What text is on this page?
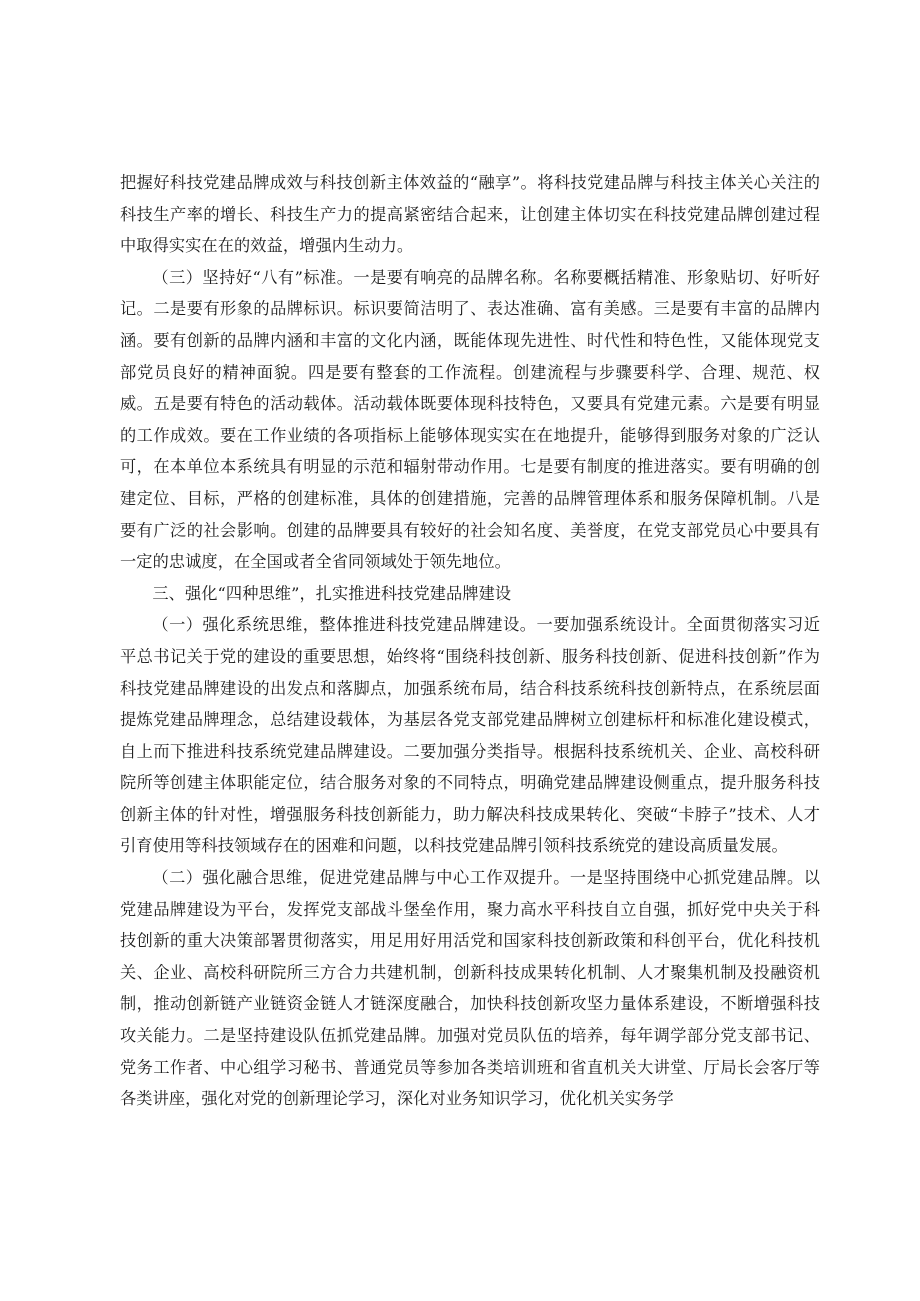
把握好科技党建品牌成效与科技创新主体效益的“融享”。将科技党建品牌与科技主体关心关注的科技生产率的增长、科技生产力的提高紧密结合起来，让创建主体切实在科技党建品牌创建过程中取得实实在在的效益，增强内生动力。

（三）坚持好“八有”标准。一是要有响亮的品牌名称。名称要概括精准、形象贴切、好听好记。二是要有形象的品牌标识。标识要简洁明了、表达准确、富有美感。三是要有丰富的品牌内涵。要有创新的品牌内涵和丰富的文化内涵，既能体现先进性、时代性和特色性，又能体现党支部党员良好的精神面貌。四是要有整套的工作流程。创建流程与步骤要科学、合理、规范、权威。五是要有特色的活动载体。活动载体既要体现科技特色，又要具有党建元素。六是要有明显的工作成效。要在工作业绩的各项指标上能够体现实实在在地提升，能够得到服务对象的广泛认可，在本单位本系统具有明显的示范和辐射带动作用。七是要有制度的推进落实。要有明确的创建定位、目标，严格的创建标准，具体的创建措施，完善的品牌管理体系和服务保障机制。八是要有广泛的社会影响。创建的品牌要具有较好的社会知名度、美誉度，在党支部党员心中要具有一定的忠诚度，在全国或者全省同领域处于领先地位。

三、强化“四种思维”，扎实推进科技党建品牌建设

（一）强化系统思维，整体推进科技党建品牌建设。一要加强系统设计。全面贯彻落实习近平总书记关于党的建设的重要思想，始终将“围绕科技创新、服务科技创新、促进科技创新”作为科技党建品牌建设的出发点和落脚点，加强系统布局，结合科技系统科技创新特点，在系统层面提炼党建品牌理念，总结建设载体，为基层各党支部党建品牌树立创建标杆和标准化建设模式，自上而下推进科技系统党建品牌建设。二要加强分类指导。根据科技系统机关、企业、高校科研院所等创建主体职能定位，结合服务对象的不同特点，明确党建品牌建设侧重点，提升服务科技创新主体的针对性，增强服务科技创新能力，助力解决科技成果转化、突破“卡脖子”技术、人才引育使用等科技领域存在的困难和问题，以科技党建品牌引领科技系统党的建设高质量发展。

（二）强化融合思维，促进党建品牌与中心工作双提升。一是坚持围绕中心抓党建品牌。以党建品牌建设为平台，发挥党支部战斗堡垒作用，聚力高水平科技自立自强，抓好党中央关于科技创新的重大决策部署贯彻落实，用足用好用活党和国家科技创新政策和科创平台，优化科技机关、企业、高校科研院所三方合力共建机制，创新科技成果转化机制、人才聚集机制及投融资机制，推动创新链产业链资金链人才链深度融合，加快科技创新攻坚力量体系建设，不断增强科技攻关能力。二是坚持建设队伍抓党建品牌。加强对党员队伍的培养，每年调学部分党支部书记、党务工作者、中心组学习秘书、普通党员等参加各类培训班和省直机关大讲堂、厅局长会客厅等各类讲座，强化对党的创新理论学习，深化对业务知识学习，优化机关实务学
